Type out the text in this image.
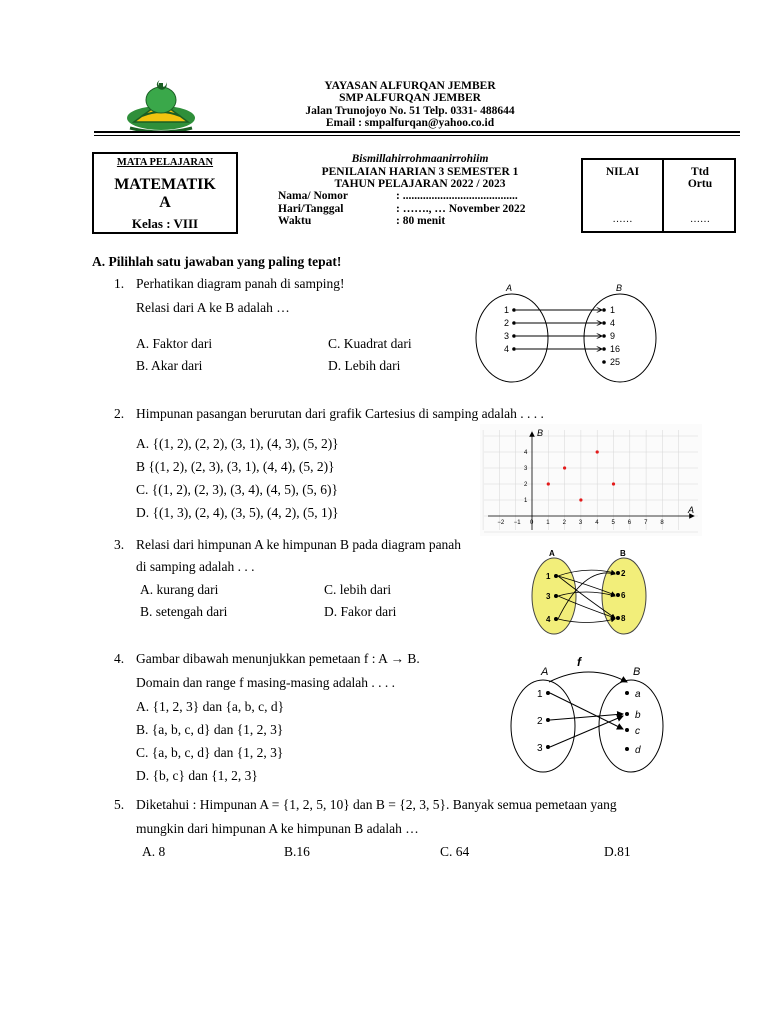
YAYASAN ALFURQAN JEMBER
SMP ALFURQAN JEMBER
Jalan Trunojoyo No. 51 Telp. 0331- 488644
Email : smpalfurqan@yahoo.co.id
MATA PELAJARAN
MATEMATIK
A
Kelas : VIII
Bismillahirrohmaanirrohiim
PENILAIAN HARIAN 3 SEMESTER 1
TAHUN PELAJARAN 2022 / 2023
Nama/ Nomor	: ........................................
Hari/Tanggal	: ……., … November 2022
Waktu	: 80 menit
NILAI	Ttd
Ortu
……	……
A. Pilihlah satu jawaban yang paling tepat!
1. Perhatikan diagram panah di samping!
Relasi dari A ke B adalah …
A. Faktor dari	C. Kuadrat dari
B. Akar dari	D. Lebih dari
A	B
1
2
3
4
1
4
9
16
25
2. Himpunan pasangan berurutan dari grafik Cartesius di samping adalah . . . .
A. {(1, 2), (2, 2), (3, 1), (4, 3), (5, 2)}
B {(1, 2), (2, 3), (3, 1), (4, 4), (5, 2)}
C. {(1, 2), (2, 3), (3, 4), (4, 5), (5, 6)}
D. {(1, 3), (2, 4), (3, 5), (4, 2), (5, 1)}
B
A
−2 −1 0 1 2 3 4 5 6 7 8
1
2
3
4
3. Relasi dari himpunan A ke himpunan B pada diagram panah
di samping adalah . . .
A. kurang dari	C. lebih dari
B. setengah dari	D. Fakor dari
A	B
1
3
4
2
6
8
4. Gambar dibawah menunjukkan pemetaan f : A → B.
Domain dan range f masing-masing adalah . . . .
A. {1, 2, 3} dan {a, b, c, d}
B. {a, b, c, d} dan {1, 2, 3}
C. {a, b, c, d} dan {1, 2, 3}
D. {b, c} dan {1, 2, 3}
A	B
f
1
2
3
a
b
c
d
5. Diketahui : Himpunan A = {1, 2, 5, 10} dan B = {2, 3, 5}. Banyak semua pemetaan yang
mungkin dari himpunan A ke himpunan B adalah …
A. 8	B.16	C. 64	D.81
